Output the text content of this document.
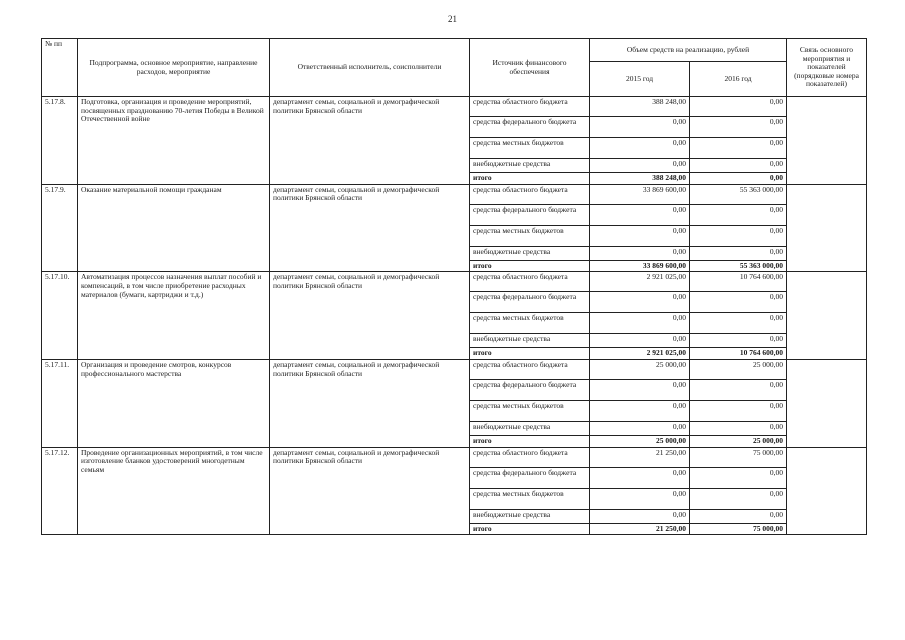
21
№ пп	Подпрограмма, основное мероприятие, направление расходов, мероприятие	Ответственный исполнитель, соисполнители	Источник финансового обеспечения	Объем средств на реализацию, рублей		Связь основного мероприятия и показателей (порядковые номера показателей)
				2015 год	2016 год	
5.17.8.	Подготовка, организация и проведение мероприятий, посвященных празднованию 70-летия Победы в Великой Отечественной войне	департамент семьи, социальной и демографической политики Брянской области	средства областного бюджета	388 248,00	0,00	
			средства федерального бюджета	0,00	0,00	
			средства местных бюджетов	0,00	0,00	
			внебюджетные средства	0,00	0,00	
			итого	388 248,00	0,00	
5.17.9.	Оказание материальной помощи гражданам	департамент семьи, социальной и демографической политики Брянской области	средства областного бюджета	33 869 600,00	55 363 000,00	
			средства федерального бюджета	0,00	0,00	
			средства местных бюджетов	0,00	0,00	
			внебюджетные средства	0,00	0,00	
			итого	33 869 600,00	55 363 000,00	
5.17.10.	Автоматизация процессов назначения выплат пособий и компенсаций, в том числе приобретение расходных материалов (бумаги, картриджи и т.д.)	департамент семьи, социальной и демографической политики Брянской области	средства областного бюджета	2 921 025,00	10 764 600,00	
			средства федерального бюджета	0,00	0,00	
			средства местных бюджетов	0,00	0,00	
			внебюджетные средства	0,00	0,00	
			итого	2 921 025,00	10 764 600,00	
5.17.11.	Организация и проведение смотров, конкурсов профессионального мастерства	департамент семьи, социальной и демографической политики Брянской области	средства областного бюджета	25 000,00	25 000,00	
			средства федерального бюджета	0,00	0,00	
			средства местных бюджетов	0,00	0,00	
			внебюджетные средства	0,00	0,00	
			итого	25 000,00	25 000,00	
5.17.12.	Проведение организационных мероприятий, в том числе изготовление бланков удостоверений многодетным семьям	департамент семьи, социальной и демографической политики Брянской области	средства областного бюджета	21 250,00	75 000,00	
			средства федерального бюджета	0,00	0,00	
			средства местных бюджетов	0,00	0,00	
			внебюджетные средства	0,00	0,00	
			итого	21 250,00	75 000,00	
